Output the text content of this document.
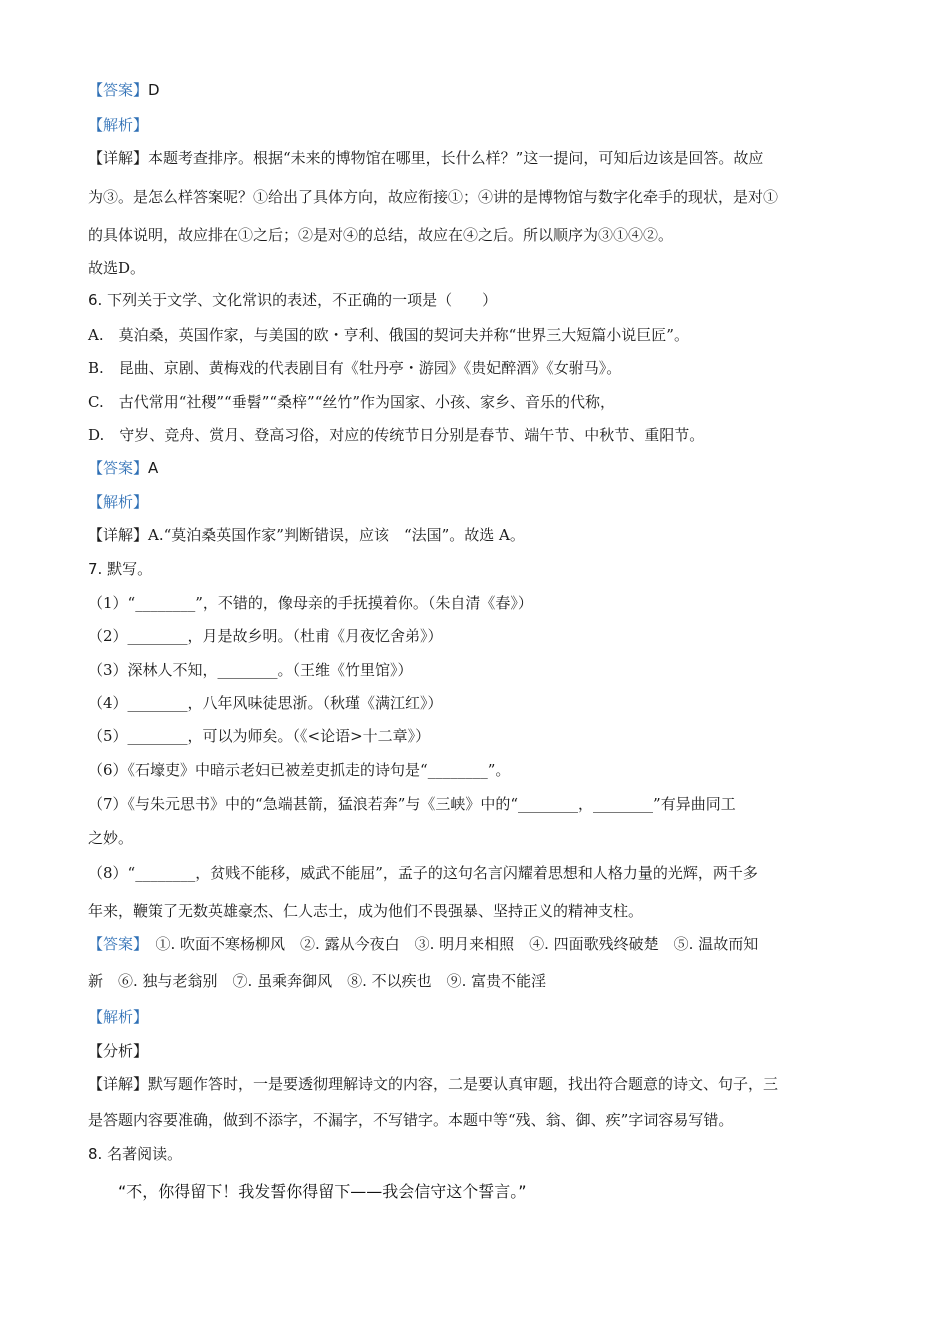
【答案】D
【解析】
【详解】本题考查排序。根据“未来的博物馆在哪里，长什么样？”这一提问，可知后边该是回答。故应
为③。是怎么样答案呢？①给出了具体方向，故应衔接①；④讲的是博物馆与数字化牵手的现状，是对①
的具体说明，故应排在①之后；②是对④的总结，故应在④之后。所以顺序为③①④②。
故选D。
6. 下列关于文学、文化常识的表述，不正确的一项是（　　）
A.　莫泊桑，英国作家，与美国的欧・亨利、俄国的契诃夫并称“世界三大短篇小说巨匠”。
B.　昆曲、京剧、黄梅戏的代表剧目有《牡丹亭・游园》《贵妃醉酒》《女驸马》。
C.　古代常用“社稷”“垂髫”“桑梓”“丝竹”作为国家、小孩、家乡、音乐的代称，
D.　守岁、竞舟、赏月、登高习俗，对应的传统节日分别是春节、端午节、中秋节、重阳节。
【答案】A
【解析】
【详解】A.“莫泊桑英国作家”判断错误，应该　“法国”。故选 A。
7. 默写。
（1）“________”，不错的，像母亲的手抚摸着你。（朱自清《春》）
（2）________，月是故乡明。（杜甫《月夜忆舍弟》）
（3）深林人不知，________。（王维《竹里馆》）
（4）________，八年风味徒思浙。（秋瑾《满江红》）
（5）________，可以为师矣。（《<论语>十二章》）
（6）《石壕吏》中暗示老妇已被差吏抓走的诗句是“________”。
（7）《与朱元思书》中的“急端甚箭，猛浪若奔”与《三峡》中的“________，________”有异曲同工
之妙。
（8）“________，贫贱不能移，威武不能屈”，孟子的这句名言闪耀着思想和人格力量的光辉，两千多
年来，鞭策了无数英雄豪杰、仁人志士，成为他们不畏强暴、坚持正义的精神支柱。
【答案】　①. 吹面不寒杨柳风　②. 露从今夜白　③. 明月来相照　④. 四面歌残终破楚　⑤. 温故而知
新　⑥. 独与老翁别　⑦. 虽乘奔御风　⑧. 不以疾也　⑨. 富贵不能淫
【解析】
【分析】
【详解】默写题作答时，一是要透彻理解诗文的内容，二是要认真审题，找出符合题意的诗文、句子，三
是答题内容要准确，做到不添字，不漏字，不写错字。本题中等“残、翁、御、疾”字词容易写错。
8. 名著阅读。
“不，你得留下！我发誓你得留下——我会信守这个誓言。”
